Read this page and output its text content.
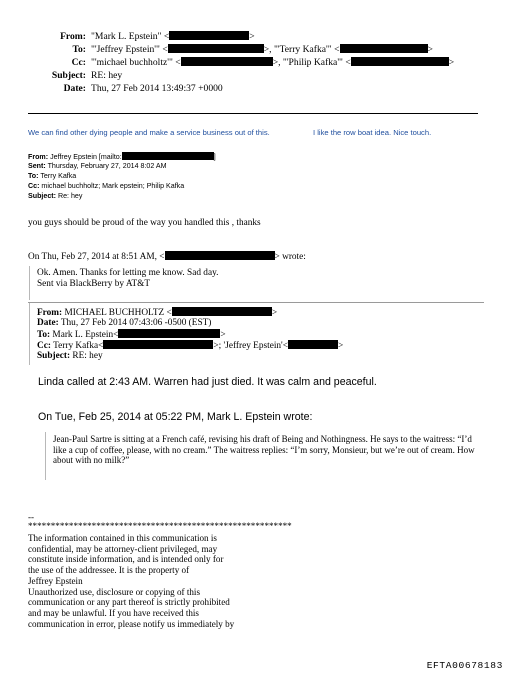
From: "Mark L. Epstein" <	>
To: "'Jeffrey Epstein'" <	>, "'Terry Kafka'" <	>
Cc: "'michael buchholtz'" <	>, "'Philip Kafka'" <	>
Subject: RE: hey
Date: Thu, 27 Feb 2014 13:49:37 +0000
We can find other dying people and make a service business out of this.	I like the row boat idea. Nice touch.
From: Jeffrey Epstein [mailto:	]
Sent: Thursday, February 27, 2014 8:02 AM
To: Terry Kafka
Cc: michael buchholtz; Mark epstein; Philip Kafka
Subject: Re: hey
you guys should be proud of the way you handled this , thanks
On Thu, Feb 27, 2014 at 8:51 AM, <	> wrote:
Ok. Amen. Thanks for letting me know. Sad day.
Sent via BlackBerry by AT&T
From: MICHAEL BUCHHOLTZ <	>
Date: Thu, 27 Feb 2014 07:43:06 -0500 (EST)
To: Mark L. Epstein<	>
Cc: Terry Kafka<	>; 'Jeffrey Epstein'<	>
Subject: RE: hey
Linda called at 2:43 AM. Warren had just died. It was calm and peaceful.
On Tue, Feb 25, 2014 at 05:22 PM, Mark L. Epstein wrote:
Jean-Paul Sartre is sitting at a French café, revising his draft of Being and Nothingness. He says to the waitress: “I’d like a cup of coffee, please, with no cream.” The waitress replies: “I’m sorry, Monsieur, but we’re out of cream. How about with no milk?”
--
**********************************************************
The information contained in this communication is
confidential, may be attorney-client privileged, may
constitute inside information, and is intended only for
the use of the addressee. It is the property of
Jeffrey Epstein
Unauthorized use, disclosure or copying of this
communication or any part thereof is strictly prohibited
and may be unlawful. If you have received this
communication in error, please notify us immediately by
EFTA00678183
